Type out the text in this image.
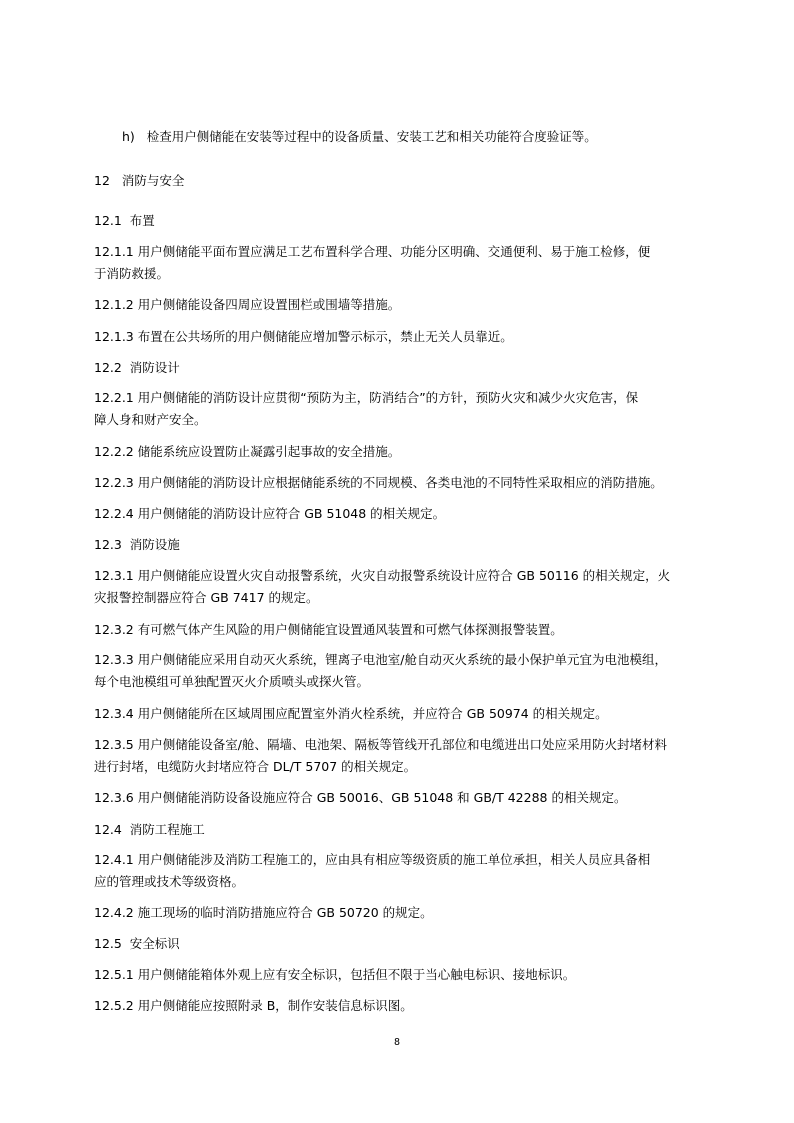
h)   检查用户侧储能在安装等过程中的设备质量、安装工艺和相关功能符合度验证等。
12   消防与安全
12.1  布置
12.1.1 用户侧储能平面布置应满足工艺布置科学合理、功能分区明确、交通便利、易于施工检修，便
于消防救援。
12.1.2 用户侧储能设备四周应设置围栏或围墙等措施。
12.1.3 布置在公共场所的用户侧储能应增加警示标示，禁止无关人员靠近。
12.2  消防设计
12.2.1 用户侧储能的消防设计应贯彻“预防为主，防消结合”的方针，预防火灾和减少火灾危害，保
障人身和财产安全。
12.2.2 储能系统应设置防止凝露引起事故的安全措施。
12.2.3 用户侧储能的消防设计应根据储能系统的不同规模、各类电池的不同特性采取相应的消防措施。
12.2.4 用户侧储能的消防设计应符合 GB 51048 的相关规定。
12.3  消防设施
12.3.1 用户侧储能应设置火灾自动报警系统，火灾自动报警系统设计应符合 GB 50116 的相关规定，火
灾报警控制器应符合 GB 7417 的规定。
12.3.2 有可燃气体产生风险的用户侧储能宜设置通风装置和可燃气体探测报警装置。
12.3.3 用户侧储能应采用自动灭火系统，锂离子电池室/舱自动灭火系统的最小保护单元宜为电池模组，
每个电池模组可单独配置灭火介质喷头或探火管。
12.3.4 用户侧储能所在区域周围应配置室外消火栓系统，并应符合 GB 50974 的相关规定。
12.3.5 用户侧储能设备室/舱、隔墙、电池架、隔板等管线开孔部位和电缆进出口处应采用防火封堵材料
进行封堵，电缆防火封堵应符合 DL/T 5707 的相关规定。
12.3.6 用户侧储能消防设备设施应符合 GB 50016、GB 51048 和 GB/T 42288 的相关规定。
12.4  消防工程施工
12.4.1 用户侧储能涉及消防工程施工的，应由具有相应等级资质的施工单位承担，相关人员应具备相
应的管理或技术等级资格。
12.4.2 施工现场的临时消防措施应符合 GB 50720 的规定。
12.5  安全标识
12.5.1 用户侧储能箱体外观上应有安全标识，包括但不限于当心触电标识、接地标识。
12.5.2 用户侧储能应按照附录 B，制作安装信息标识图。
8
